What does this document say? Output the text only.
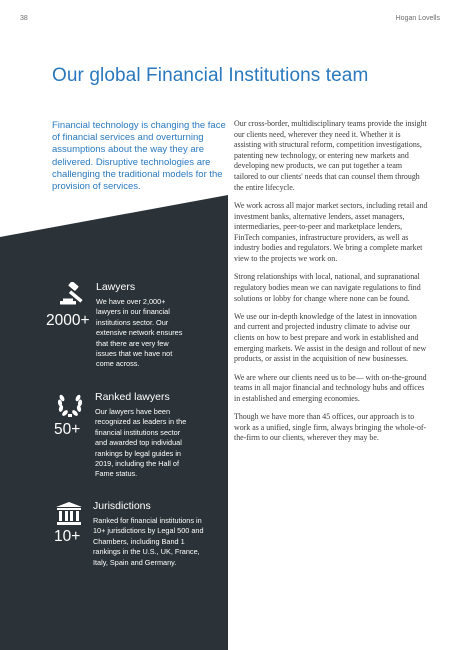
38	Hogan Lovells
Our global Financial Institutions team

Financial technology is changing the face of financial services and overturning assumptions about the way they are delivered. Disruptive technologies are challenging the traditional models for the provision of services.

Our cross-border, multidisciplinary teams provide the insight our clients need, wherever they need it. Whether it is assisting with structural reform, competition investigations, patenting new technology, or entering new markets and developing new products, we can put together a team tailored to our clients' needs that can counsel them through the entire lifecycle.

We work across all major market sectors, including retail and investment banks, alternative lenders, asset managers, intermediaries, peer-to-peer and marketplace lenders, FinTech companies, infrastructure providers, as well as industry bodies and regulators. We bring a complete market view to the projects we work on.

Strong relationships with local, national, and supranational regulatory bodies mean we can navigate regulations to find solutions or lobby for change where none can be found.

We use our in-depth knowledge of the latest in innovation and current and projected industry climate to advise our clients on how to best prepare and work in established and emerging markets. We assist in the design and rollout of new products, or assist in the acquisition of new businesses.

We are where our clients need us to be— with on-the-ground teams in all major financial and technology hubs and offices in established and emerging economies.

Though we have more than 45 offices, our approach is to work as a unified, single firm, always bringing the whole-of-the-firm to our clients, wherever they may be.

2000+
Lawyers
We have over 2,000+ lawyers in our financial institutions sector. Our extensive network ensures that there are very few issues that we have not come across.
50+
Ranked lawyers
Our lawyers have been recognized as leaders in the financial institutions sector and awarded top individual rankings by legal guides in 2019, including the Hall of Fame status.
10+
Jurisdictions
Ranked for financial institutions in 10+ jurisdictions by Legal 500 and Chambers, including Band 1 rankings in the U.S., UK, France, Italy, Spain and Germany.
